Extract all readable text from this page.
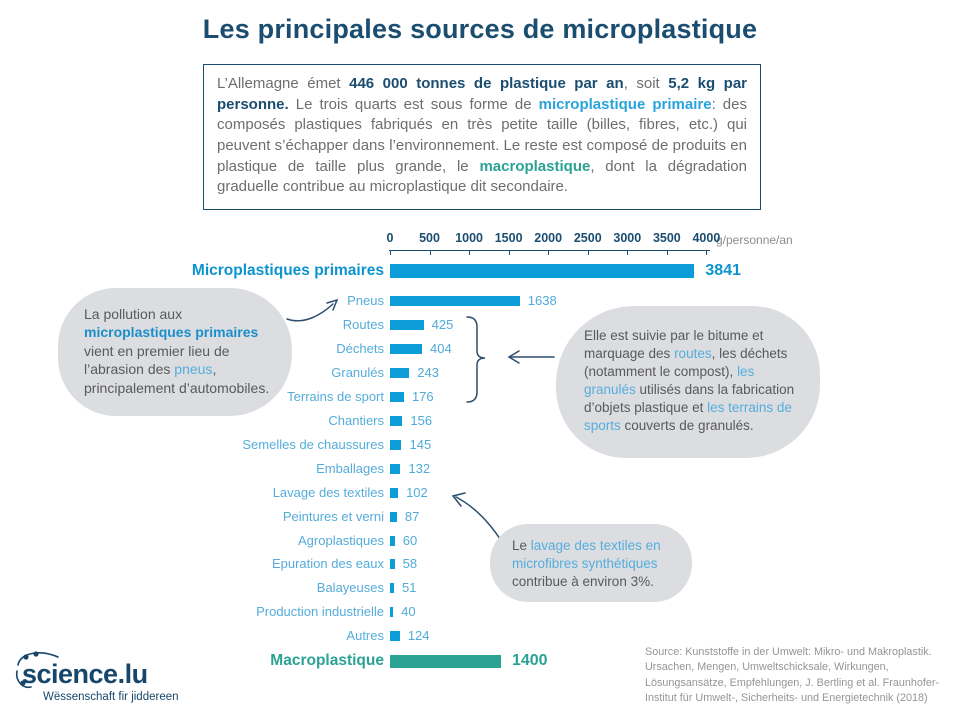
Les principales sources de microplastique
L’Allemagne émet 446 000 tonnes de plastique par an, soit 5,2 kg par personne. Le trois quarts est sous forme de microplastique primaire: des composés plastiques fabriqués en très petite taille (billes, fibres, etc.) qui peuvent s’échapper dans l’environnement. Le reste est composé de produits en plastique de taille plus grande, le macroplastique, dont la dégradation graduelle contribue au microplastique dit secondaire.
g/personne/an
0	500	1000 1500 2000 2500 3000 3500 4000
Microplastiques primaires	3841
Pneus	1638
Routes	425
Déchets	404
Granulés	243
Terrains de sport 176
Chantiers 156
Semelles de chaussures 145
Emballages 132
Lavage des textiles 102
Peintures et verni 87
Agroplastiques 60
Epuration des eaux 58
Balayeuses 51
Production industrielle 40
Autres 124
Macroplastique	1400
La pollution aux microplastiques primaires vient en premier lieu de l’abrasion des pneus, principalement d’automobiles.
Elle est suivie par le bitume et marquage des routes, les déchets (notamment le compost), les granulés utilisés dans la fabrication d’objets plastique et les terrains de sports couverts de granulés.
Le lavage des textiles en microfibres synthétiques contribue à environ 3%.
Source: Kunststoffe in der Umwelt: Mikro- und Makroplastik.
Ursachen, Mengen, Umweltschicksale, Wirkungen,
Lösungsansätze, Empfehlungen, J. Bertling et al. Fraunhofer-
Institut für Umwelt-, Sicherheits- und Energietechnik (2018)
science.lu
Wëssenschaft fir jiddereen
